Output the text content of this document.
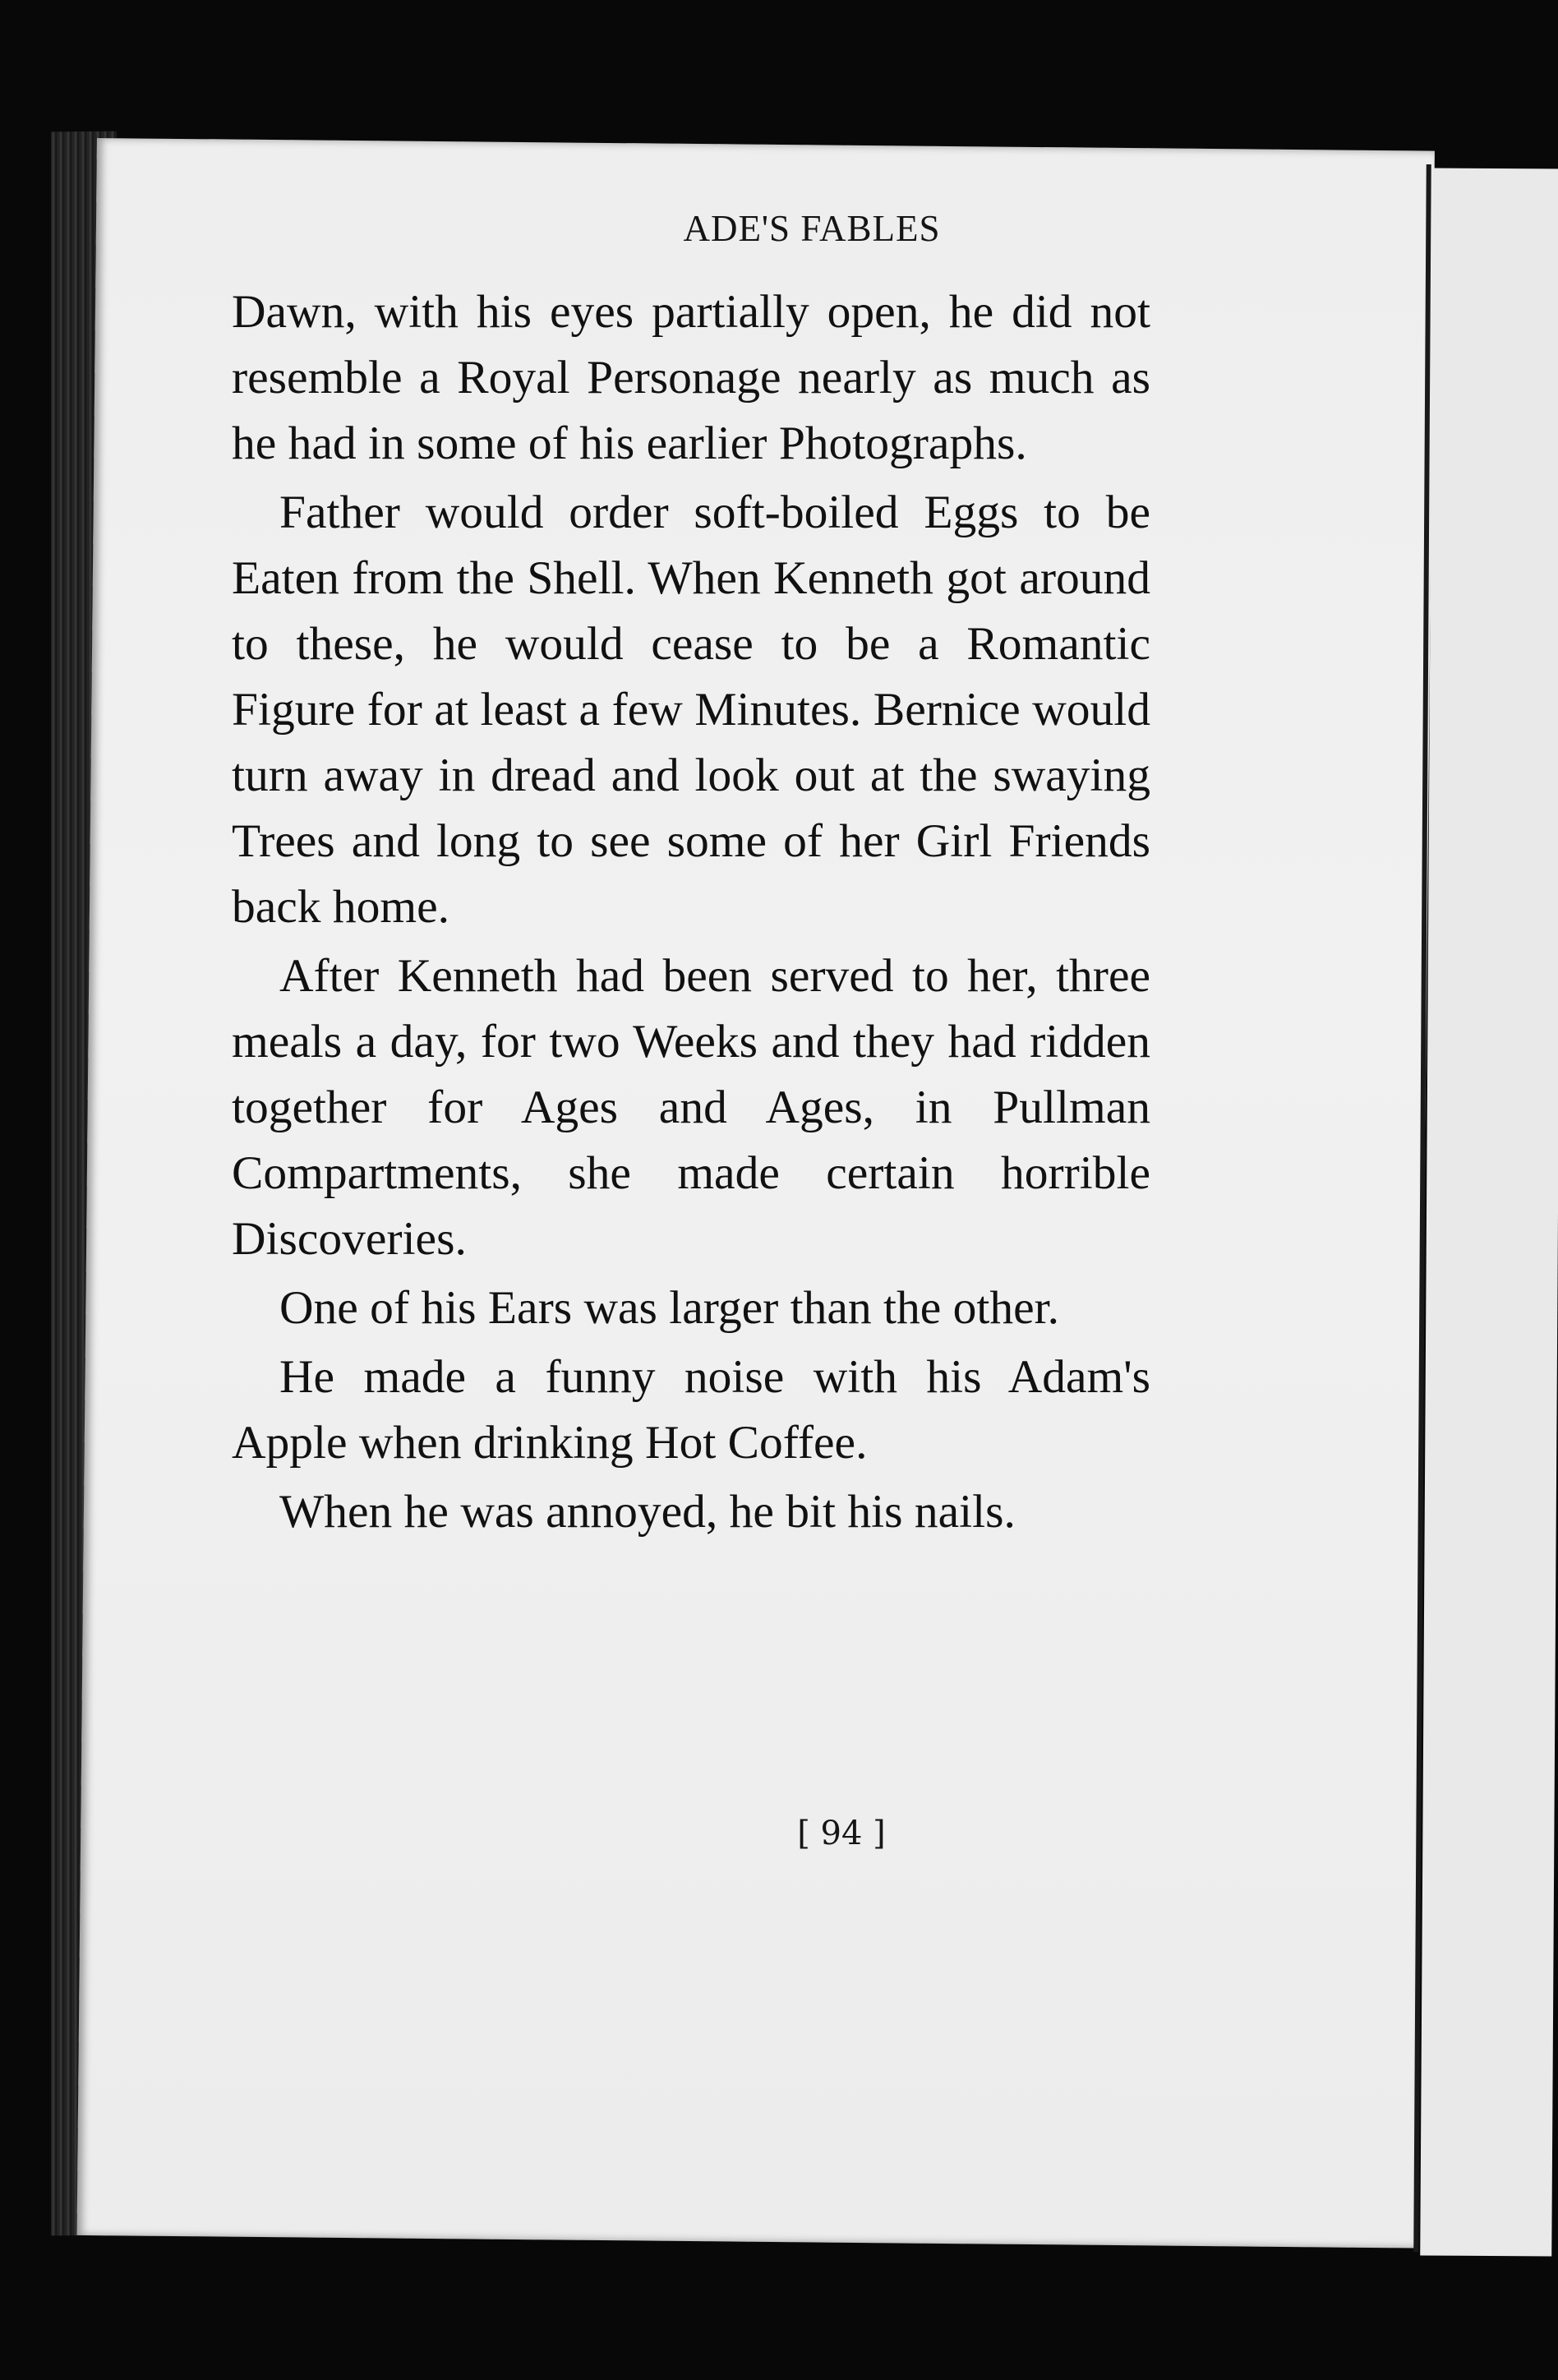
ADE'S FABLES

Dawn, with his eyes partially open, he did not resemble a Royal Personage nearly as much as he had in some of his earlier Photographs.

Father would order soft-boiled Eggs to be Eaten from the Shell. When Kenneth got around to these, he would cease to be a Romantic Figure for at least a few Minutes. Bernice would turn away in dread and look out at the swaying Trees and long to see some of her Girl Friends back home.

After Kenneth had been served to her, three meals a day, for two Weeks and they had ridden together for Ages and Ages, in Pullman Compartments, she made certain horrible Discoveries.

One of his Ears was larger than the other.

He made a funny noise with his Adam's Apple when drinking Hot Coffee.

When he was annoyed, he bit his nails.

[ 94 ]
